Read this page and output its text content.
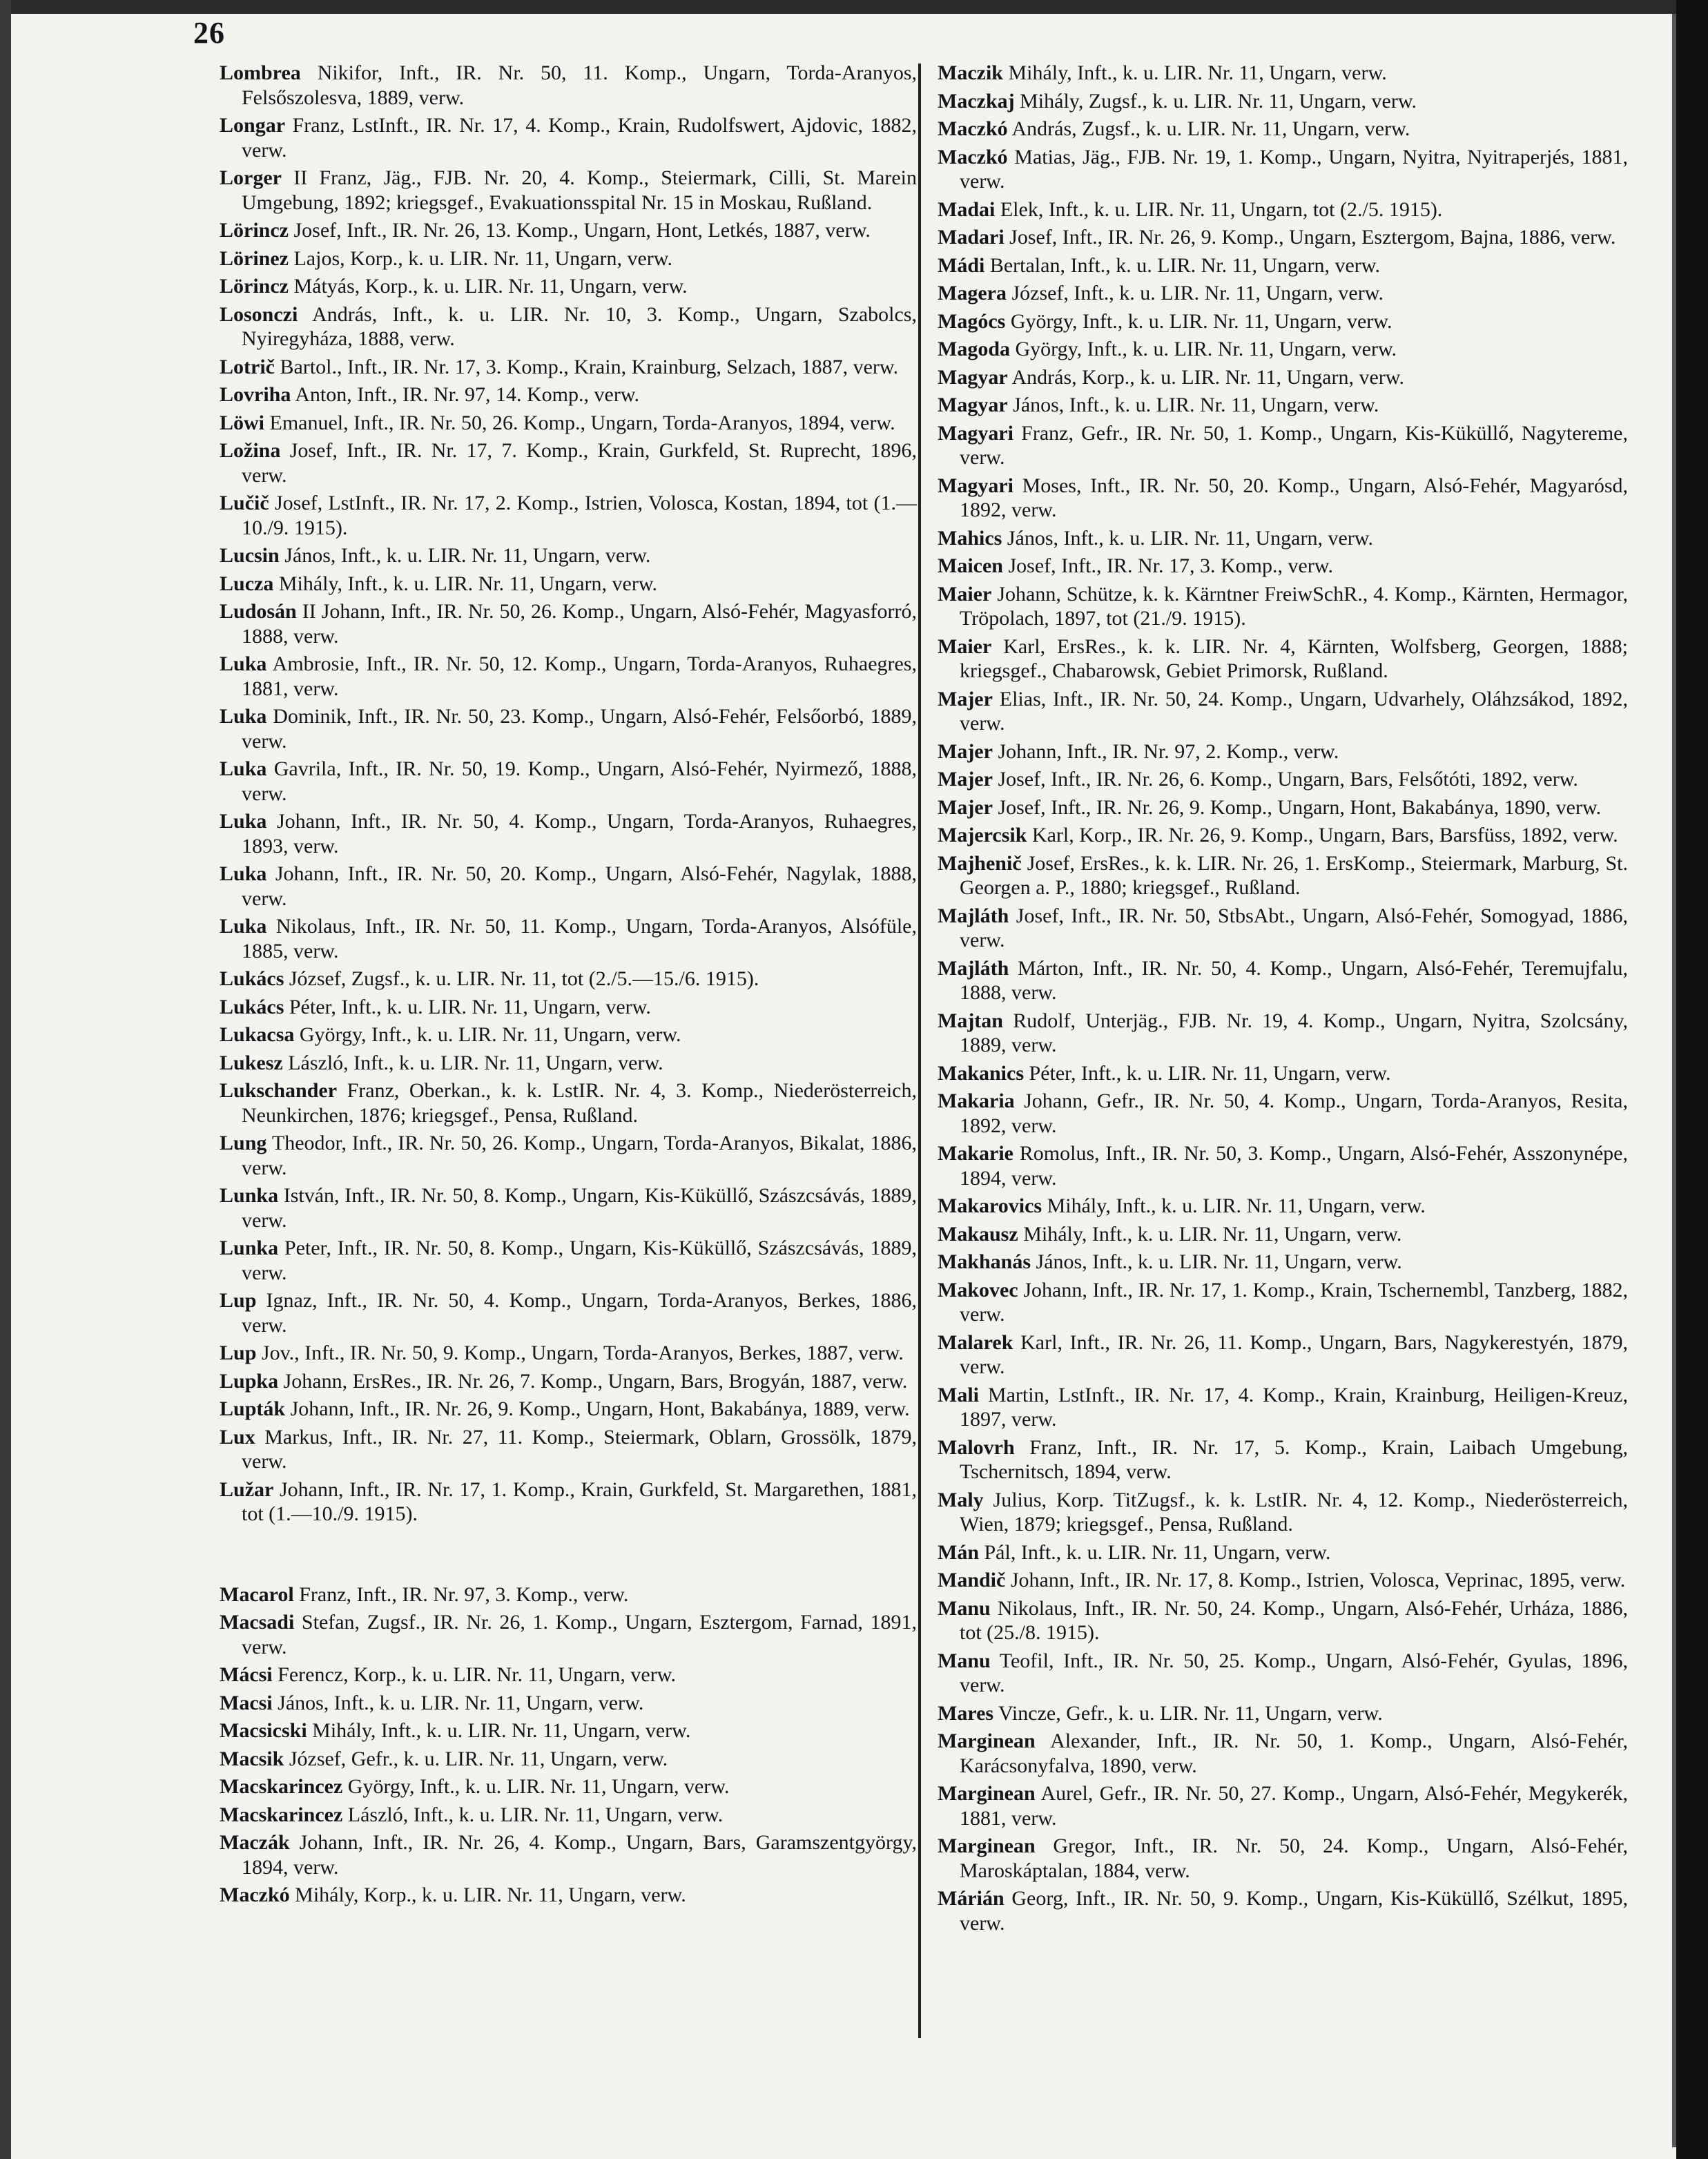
26
Lombrea Nikifor, Inft., IR. Nr. 50, 11. Komp., Ungarn, Torda-Aranyos, Felsőszolesva, 1889, verw.
Longar Franz, LstInft., IR. Nr. 17, 4. Komp., Krain, Rudolfswert, Ajdovic, 1882, verw.
Lorger II Franz, Jäg., FJB. Nr. 20, 4. Komp., Steiermark, Cilli, St. Marein Umgebung, 1892; kriegsgef., Evakuationsspital Nr. 15 in Moskau, Rußland.
Lörincz Josef, Inft., IR. Nr. 26, 13. Komp., Ungarn, Hont, Letkés, 1887, verw.
Lörinez Lajos, Korp., k. u. LIR. Nr. 11, Ungarn, verw.
Lörincz Mátyás, Korp., k. u. LIR. Nr. 11, Ungarn, verw.
Losonczi András, Inft., k. u. LIR. Nr. 10, 3. Komp., Ungarn, Szabolcs, Nyiregyháza, 1888, verw.
Lotrič Bartol., Inft., IR. Nr. 17, 3. Komp., Krain, Krainburg, Selzach, 1887, verw.
Lovriha Anton, Inft., IR. Nr. 97, 14. Komp., verw.
Löwi Emanuel, Inft., IR. Nr. 50, 26. Komp., Ungarn, Torda-Aranyos, 1894, verw.
Ložina Josef, Inft., IR. Nr. 17, 7. Komp., Krain, Gurkfeld, St. Ruprecht, 1896, verw.
Lučič Josef, LstInft., IR. Nr. 17, 2. Komp., Istrien, Volosca, Kostan, 1894, tot (1.—10./9. 1915).
Lucsin János, Inft., k. u. LIR. Nr. 11, Ungarn, verw.
Lucza Mihály, Inft., k. u. LIR. Nr. 11, Ungarn, verw.
Ludosán II Johann, Inft., IR. Nr. 50, 26. Komp., Ungarn, Alsó-Fehér, Magyasforró, 1888, verw.
Luka Ambrosie, Inft., IR. Nr. 50, 12. Komp., Ungarn, Torda-Aranyos, Ruhaegres, 1881, verw.
Luka Dominik, Inft., IR. Nr. 50, 23. Komp., Ungarn, Alsó-Fehér, Felsőorbó, 1889, verw.
Luka Gavrila, Inft., IR. Nr. 50, 19. Komp., Ungarn, Alsó-Fehér, Nyirmező, 1888, verw.
Luka Johann, Inft., IR. Nr. 50, 4. Komp., Ungarn, Torda-Aranyos, Ruhaegres, 1893, verw.
Luka Johann, Inft., IR. Nr. 50, 20. Komp., Ungarn, Alsó-Fehér, Nagylak, 1888, verw.
Luka Nikolaus, Inft., IR. Nr. 50, 11. Komp., Ungarn, Torda-Aranyos, Alsófüle, 1885, verw.
Lukács József, Zugsf., k. u. LIR. Nr. 11, tot (2./5.—15./6. 1915).
Lukács Péter, Inft., k. u. LIR. Nr. 11, Ungarn, verw.
Lukacsa György, Inft., k. u. LIR. Nr. 11, Ungarn, verw.
Lukesz László, Inft., k. u. LIR. Nr. 11, Ungarn, verw.
Lukschander Franz, Oberkan., k. k. LstIR. Nr. 4, 3. Komp., Niederösterreich, Neunkirchen, 1876; kriegsgef., Pensa, Rußland.
Lung Theodor, Inft., IR. Nr. 50, 26. Komp., Ungarn, Torda-Aranyos, Bikalat, 1886, verw.
Lunka István, Inft., IR. Nr. 50, 8. Komp., Ungarn, Kis-Küküllő, Szászcsávás, 1889, verw.
Lunka Peter, Inft., IR. Nr. 50, 8. Komp., Ungarn, Kis-Küküllő, Szászcsávás, 1889, verw.
Lup Ignaz, Inft., IR. Nr. 50, 4. Komp., Ungarn, Torda-Aranyos, Berkes, 1886, verw.
Lup Jov., Inft., IR. Nr. 50, 9. Komp., Ungarn, Torda-Aranyos, Berkes, 1887, verw.
Lupka Johann, ErsRes., IR. Nr. 26, 7. Komp., Ungarn, Bars, Brogyán, 1887, verw.
Lupták Johann, Inft., IR. Nr. 26, 9. Komp., Ungarn, Hont, Bakabánya, 1889, verw.
Lux Markus, Inft., IR. Nr. 27, 11. Komp., Steiermark, Oblarn, Grossölk, 1879, verw.
Lužar Johann, Inft., IR. Nr. 17, 1. Komp., Krain, Gurkfeld, St. Margarethen, 1881, tot (1.—10./9. 1915).
Macarol Franz, Inft., IR. Nr. 97, 3. Komp., verw.
Macsadi Stefan, Zugsf., IR. Nr. 26, 1. Komp., Ungarn, Esztergom, Farnad, 1891, verw.
Mácsi Ferencz, Korp., k. u. LIR. Nr. 11, Ungarn, verw.
Macsi János, Inft., k. u. LIR. Nr. 11, Ungarn, verw.
Macsicski Mihály, Inft., k. u. LIR. Nr. 11, Ungarn, verw.
Macsik József, Gefr., k. u. LIR. Nr. 11, Ungarn, verw.
Macskarincez György, Inft., k. u. LIR. Nr. 11, Ungarn, verw.
Macskarincez László, Inft., k. u. LIR. Nr. 11, Ungarn, verw.
Maczák Johann, Inft., IR. Nr. 26, 4. Komp., Ungarn, Bars, Garamszentgyörgy, 1894, verw.
Maczkó Mihály, Korp., k. u. LIR. Nr. 11, Ungarn, verw.
Maczik Mihály, Inft., k. u. LIR. Nr. 11, Ungarn, verw.
Maczkaj Mihály, Zugsf., k. u. LIR. Nr. 11, Ungarn, verw.
Maczkó András, Zugsf., k. u. LIR. Nr. 11, Ungarn, verw.
Maczkó Matias, Jäg., FJB. Nr. 19, 1. Komp., Ungarn, Nyitra, Nyitraperjés, 1881, verw.
Madai Elek, Inft., k. u. LIR. Nr. 11, Ungarn, tot (2./5. 1915).
Madari Josef, Inft., IR. Nr. 26, 9. Komp., Ungarn, Esztergom, Bajna, 1886, verw.
Mádi Bertalan, Inft., k. u. LIR. Nr. 11, Ungarn, verw.
Magera József, Inft., k. u. LIR. Nr. 11, Ungarn, verw.
Magócs György, Inft., k. u. LIR. Nr. 11, Ungarn, verw.
Magoda György, Inft., k. u. LIR. Nr. 11, Ungarn, verw.
Magyar András, Korp., k. u. LIR. Nr. 11, Ungarn, verw.
Magyar János, Inft., k. u. LIR. Nr. 11, Ungarn, verw.
Magyari Franz, Gefr., IR. Nr. 50, 1. Komp., Ungarn, Kis-Küküllő, Nagytereme, verw.
Magyari Moses, Inft., IR. Nr. 50, 20. Komp., Ungarn, Alsó-Fehér, Magyarósd, 1892, verw.
Mahics János, Inft., k. u. LIR. Nr. 11, Ungarn, verw.
Maicen Josef, Inft., IR. Nr. 17, 3. Komp., verw.
Maier Johann, Schütze, k. k. Kärntner FreiwSchR., 4. Komp., Kärnten, Hermagor, Tröpolach, 1897, tot (21./9. 1915).
Maier Karl, ErsRes., k. k. LIR. Nr. 4, Kärnten, Wolfsberg, Georgen, 1888; kriegsgef., Chabarowsk, Gebiet Primorsk, Rußland.
Majer Elias, Inft., IR. Nr. 50, 24. Komp., Ungarn, Udvarhely, Oláhzsákod, 1892, verw.
Majer Johann, Inft., IR. Nr. 97, 2. Komp., verw.
Majer Josef, Inft., IR. Nr. 26, 6. Komp., Ungarn, Bars, Felsőtóti, 1892, verw.
Majer Josef, Inft., IR. Nr. 26, 9. Komp., Ungarn, Hont, Bakabánya, 1890, verw.
Majercsik Karl, Korp., IR. Nr. 26, 9. Komp., Ungarn, Bars, Barsfüss, 1892, verw.
Majhenič Josef, ErsRes., k. k. LIR. Nr. 26, 1. ErsKomp., Steiermark, Marburg, St. Georgen a. P., 1880; kriegsgef., Rußland.
Majláth Josef, Inft., IR. Nr. 50, StbsAbt., Ungarn, Alsó-Fehér, Somogyad, 1886, verw.
Majláth Márton, Inft., IR. Nr. 50, 4. Komp., Ungarn, Alsó-Fehér, Teremujfalu, 1888, verw.
Majtan Rudolf, Unterjäg., FJB. Nr. 19, 4. Komp., Ungarn, Nyitra, Szolcsány, 1889, verw.
Makanics Péter, Inft., k. u. LIR. Nr. 11, Ungarn, verw.
Makaria Johann, Gefr., IR. Nr. 50, 4. Komp., Ungarn, Torda-Aranyos, Resita, 1892, verw.
Makarie Romolus, Inft., IR. Nr. 50, 3. Komp., Ungarn, Alsó-Fehér, Asszonynépe, 1894, verw.
Makarovics Mihály, Inft., k. u. LIR. Nr. 11, Ungarn, verw.
Makausz Mihály, Inft., k. u. LIR. Nr. 11, Ungarn, verw.
Makhanás János, Inft., k. u. LIR. Nr. 11, Ungarn, verw.
Makovec Johann, Inft., IR. Nr. 17, 1. Komp., Krain, Tschernembl, Tanzberg, 1882, verw.
Malarek Karl, Inft., IR. Nr. 26, 11. Komp., Ungarn, Bars, Nagykerestyén, 1879, verw.
Mali Martin, LstInft., IR. Nr. 17, 4. Komp., Krain, Krainburg, Heiligen-Kreuz, 1897, verw.
Malovrh Franz, Inft., IR. Nr. 17, 5. Komp., Krain, Laibach Umgebung, Tschernitsch, 1894, verw.
Maly Julius, Korp. TitZugsf., k. k. LstIR. Nr. 4, 12. Komp., Niederösterreich, Wien, 1879; kriegsgef., Pensa, Rußland.
Mán Pál, Inft., k. u. LIR. Nr. 11, Ungarn, verw.
Mandič Johann, Inft., IR. Nr. 17, 8. Komp., Istrien, Volosca, Veprinac, 1895, verw.
Manu Nikolaus, Inft., IR. Nr. 50, 24. Komp., Ungarn, Alsó-Fehér, Urháza, 1886, tot (25./8. 1915).
Manu Teofil, Inft., IR. Nr. 50, 25. Komp., Ungarn, Alsó-Fehér, Gyulas, 1896, verw.
Mares Vincze, Gefr., k. u. LIR. Nr. 11, Ungarn, verw.
Marginean Alexander, Inft., IR. Nr. 50, 1. Komp., Ungarn, Alsó-Fehér, Karácsonyfalva, 1890, verw.
Marginean Aurel, Gefr., IR. Nr. 50, 27. Komp., Ungarn, Alsó-Fehér, Megykerék, 1881, verw.
Marginean Gregor, Inft., IR. Nr. 50, 24. Komp., Ungarn, Alsó-Fehér, Maroskáptalan, 1884, verw.
Márián Georg, Inft., IR. Nr. 50, 9. Komp., Ungarn, Kis-Küküllő, Szélkut, 1895, verw.
